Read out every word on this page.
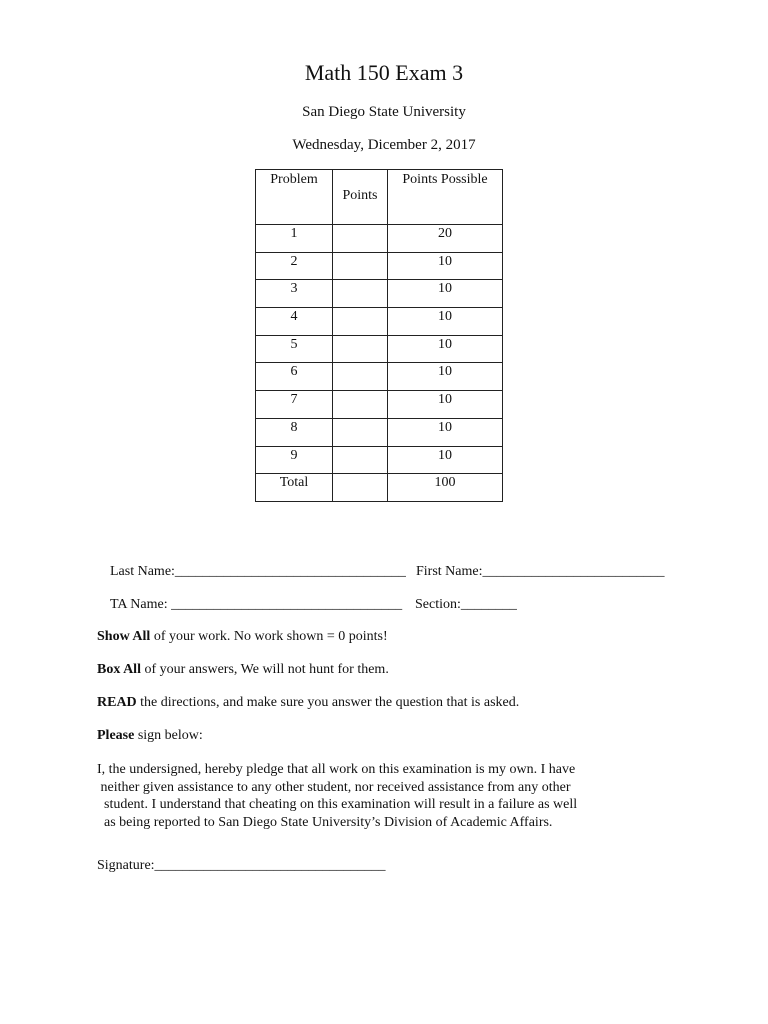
Math 150 Exam 3
San Diego State University
Wednesday, Dicember 2, 2017
Problem	Points	Points Possible

1		20

2		10

3		10

4		10

5		10

6		10

7		10

8		10

9		10

Total		100
Last Name:_________________________________ First Name:__________________________
TA Name: _________________________________ Section:________
Show All of your work. No work shown = 0 points!
Box All of your answers, We will not hunt for them.
READ the directions, and make sure you answer the question that is asked.
Please sign below:
I, the undersigned, hereby pledge that all work on this examination is my own. I have
neither given assistance to any other student, nor received assistance from any other
student. I understand that cheating on this examination will result in a failure as well
as being reported to San Diego State University’s Division of Academic Affairs.
Signature:_________________________________
